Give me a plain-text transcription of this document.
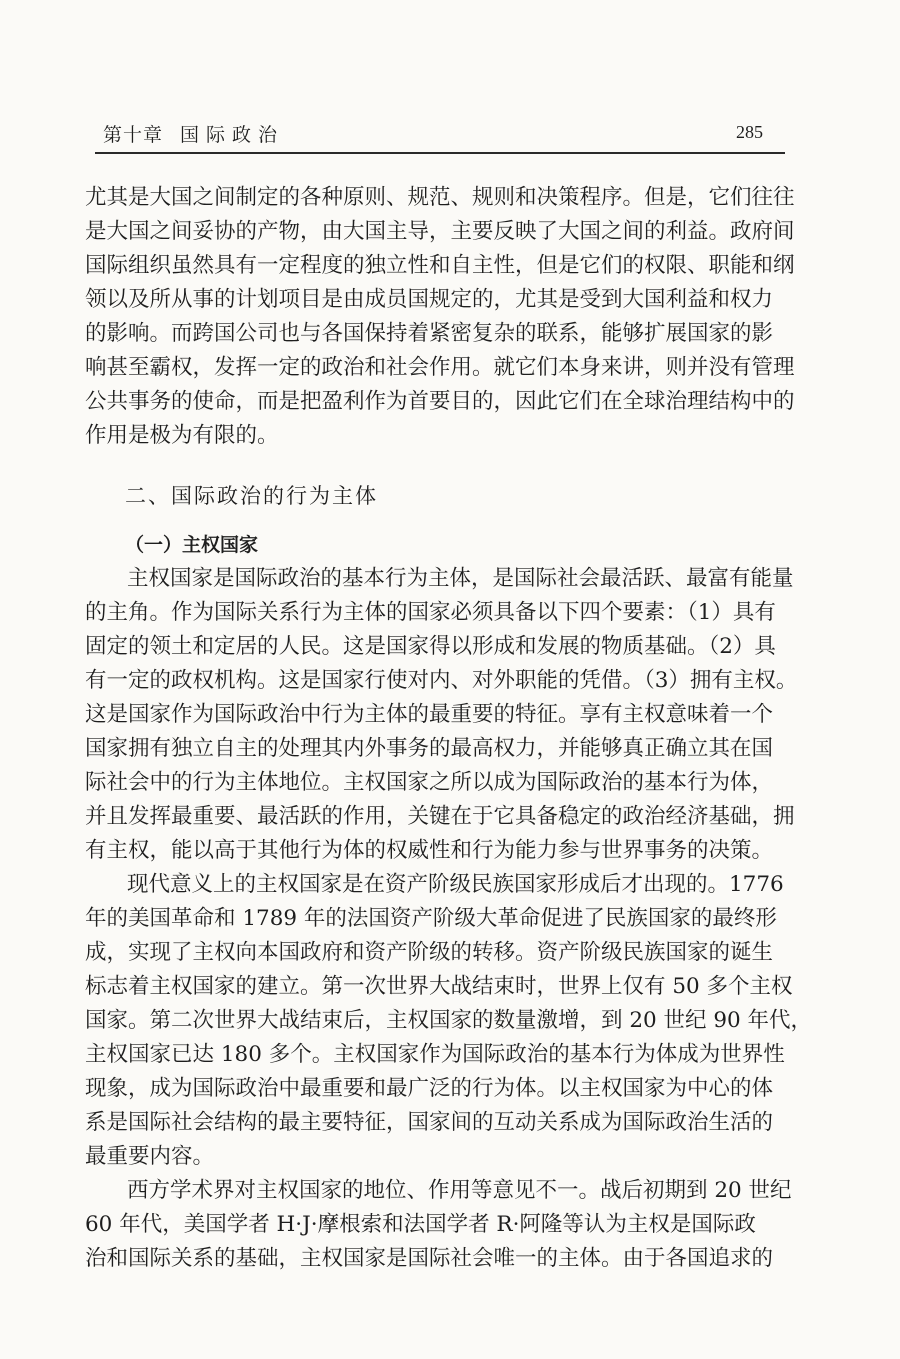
第十章 国际政治	285

尤其是大国之间制定的各种原则、规范、规则和决策程序。但是，它们往往
是大国之间妥协的产物，由大国主导，主要反映了大国之间的利益。政府间
国际组织虽然具有一定程度的独立性和自主性，但是它们的权限、职能和纲
领以及所从事的计划项目是由成员国规定的，尤其是受到大国利益和权力
的影响。而跨国公司也与各国保持着紧密复杂的联系，能够扩展国家的影
响甚至霸权，发挥一定的政治和社会作用。就它们本身来讲，则并没有管理
公共事务的使命，而是把盈利作为首要目的，因此它们在全球治理结构中的
作用是极为有限的。

二、国际政治的行为主体
（一）主权国家

主权国家是国际政治的基本行为主体，是国际社会最活跃、最富有能量
的主角。作为国际关系行为主体的国家必须具备以下四个要素：（1）具有
固定的领土和定居的人民。这是国家得以形成和发展的物质基础。（2）具
有一定的政权机构。这是国家行使对内、对外职能的凭借。（3）拥有主权。
这是国家作为国际政治中行为主体的最重要的特征。享有主权意味着一个
国家拥有独立自主的处理其内外事务的最高权力，并能够真正确立其在国
际社会中的行为主体地位。主权国家之所以成为国际政治的基本行为体，
并且发挥最重要、最活跃的作用，关键在于它具备稳定的政治经济基础，拥
有主权，能以高于其他行为体的权威性和行为能力参与世界事务的决策。

现代意义上的主权国家是在资产阶级民族国家形成后才出现的。1776
年的美国革命和 1789 年的法国资产阶级大革命促进了民族国家的最终形
成，实现了主权向本国政府和资产阶级的转移。资产阶级民族国家的诞生
标志着主权国家的建立。第一次世界大战结束时，世界上仅有 50 多个主权
国家。第二次世界大战结束后，主权国家的数量激增，到 20 世纪 90 年代，
主权国家已达 180 多个。主权国家作为国际政治的基本行为体成为世界性
现象，成为国际政治中最重要和最广泛的行为体。以主权国家为中心的体
系是国际社会结构的最主要特征，国家间的互动关系成为国际政治生活的
最重要内容。

西方学术界对主权国家的地位、作用等意见不一。战后初期到 20 世纪
60 年代，美国学者 H·J·摩根索和法国学者 R·阿隆等认为主权是国际政
治和国际关系的基础，主权国家是国际社会唯一的主体。由于各国追求的
